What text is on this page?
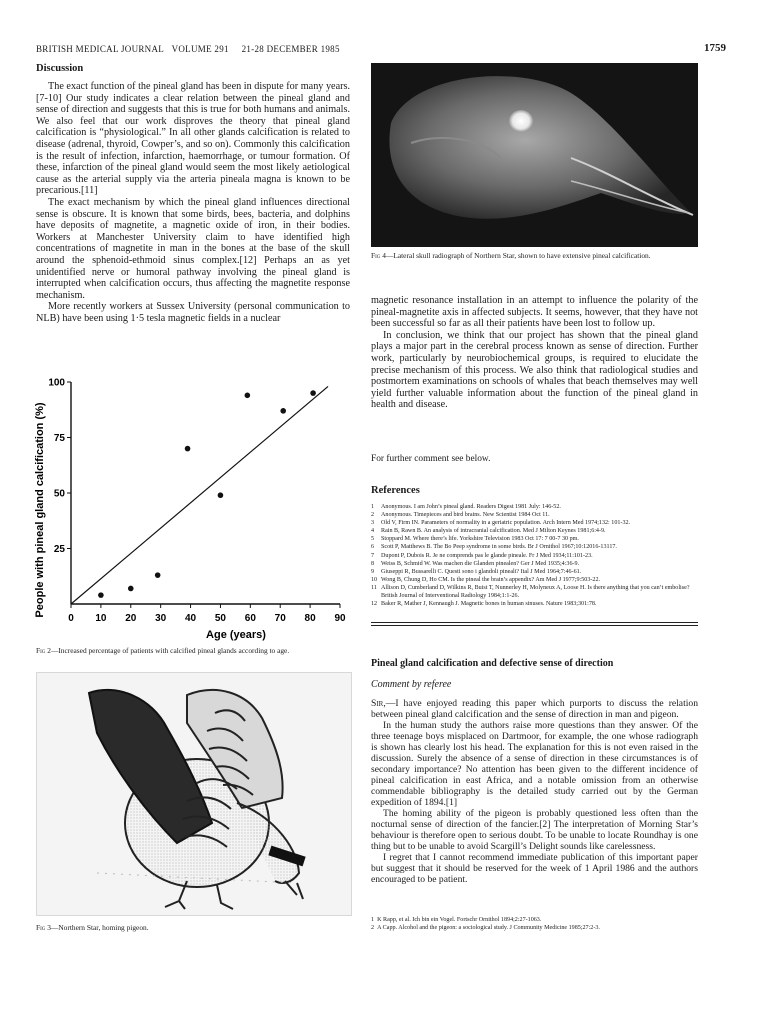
BRITISH MEDICAL JOURNAL VOLUME 291 21-28 DECEMBER 1985	1759
Discussion

The exact function of the pineal gland has been in dispute for many years.[7-10] Our study indicates a clear relation between the pineal gland and sense of direction and suggests that this is true for both humans and animals. We also feel that our work disproves the theory that pineal gland calcification is “physiological.” In all other glands calcification is related to disease (adrenal, thyroid, Cowper’s, and so on). Commonly this calcification is the result of infection, infarction, haemorrhage, or tumour formation. Of these, infarction of the pineal gland would seem the most likely aetiological cause as the arterial supply via the arteria pineala magna is known to be precarious.[11]

The exact mechanism by which the pineal gland influences directional sense is obscure. It is known that some birds, bees, bacteria, and dolphins have deposits of magnetite, a magnetic oxide of iron, in their bodies. Workers at Manchester University claim to have identified high concentrations of magnetite in man in the bones at the base of the skull around the sphenoid-ethmoid sinus complex.[12] Perhaps an as yet unidentified nerve or humoral pathway involving the pineal gland is interrupted when calcification occurs, thus affecting the magnetite response mechanism.

More recently workers at Sussex University (personal communication to NLB) have been using 1·5 tesla magnetic fields in a nuclear

0 10 20 30 40 50 60 70 80 90
25
50
75
100
Age (years)
People with pineal gland calcification (%)
Fig 2—Increased percentage of patients with calcified pineal glands according to age.
Fig 3—Northern Star, homing pigeon.
Fig 4—Lateral skull radiograph of Northern Star, shown to have extensive pineal calcification.

magnetic resonance installation in an attempt to influence the polarity of the pineal-magnetite axis in affected subjects. It seems, however, that they have not been successful so far as all their patients have been lost to follow up.

In conclusion, we think that our project has shown that the pineal gland plays a major part in the cerebral process known as sense of direction. Further work, particularly by neurobiochemical groups, is required to elucidate the precise mechanism of this process. We also think that radiological studies and postmortem examinations on schools of whales that beach themselves may well yield further valuable information about the function of the pineal gland in health and disease.

For further comment see below.
References
1 Anonymous. I am John’s pineal gland. Readers Digest 1981 July: 146-52.
2 Anonymous. Timepieces and bird brains. New Scientist 1984 Oct 11.
3 Old V, Firm IN. Parameters of normality in a geriatric population. Arch Intern Med 1974;132: 101-32.
4 Rain B, Rawn B. An analysis of intracranial calcification. Med J Milton Keynes 1981;6:4-9.
5 Stoppard M. Where there’s life. Yorkshire Television 1983 Oct 17: 7 00-7 30 pm.
6 Scott P, Matthews B. The Bo Peep syndrome in some birds. Br J Ornithol 1967;10:12016-13117.
7 Dupont P, Dubois R. Je ne comprends pas le glande pineale. Fr J Med 1934;11:101-23.
8 Weiss B, Schmid W. Was machen die Glanden pinealen? Ger J Med 1935;4:36-9.
9 Giuseppi R, Bussarelli C. Questi sono i glandoli pineali? Ital J Med 1964;7:46-61.
10 Wong B, Chung D, Ho CM. Is the pineal the brain’s appendix? Am Med J 1977;9:503-22.
11 Allison D, Cumberland D, Wilkins R, Buist T, Nunnerley H, Molyneux A, Loose H. Is there anything that you can’t embolise? British Journal of Interventional Radiology 1984;1:1-26.
12 Baker R, Mather J, Kennaugh J. Magnetic bones in human sinuses. Nature 1983;301:78.
Pineal gland calcification and defective sense of direction
Comment by referee

Sir,—I have enjoyed reading this paper which purports to discuss the relation between pineal gland calcification and the sense of direction in man and pigeon.

In the human study the authors raise more questions than they answer. Of the three teenage boys misplaced on Dartmoor, for example, the one whose radiograph is shown has clearly lost his head. The explanation for this is not even raised in the discussion. Surely the absence of a sense of direction in these circumstances is of secondary importance? No attention has been given to the different incidence of pineal calcification in east Africa, and a notable omission from an otherwise commendable bibliography is the detailed study carried out by the German expedition of 1894.[1]

The homing ability of the pigeon is probably questioned less often than the nocturnal sense of direction of the fancier.[2] The interpretation of Morning Star’s behaviour is therefore open to serious doubt. To be unable to locate Roundhay is one thing but to be unable to avoid Scargill’s Delight sounds like carelessness.

I regret that I cannot recommend immediate publication of this important paper but suggest that it should be reserved for the week of 1 April 1986 and the authors encouraged to be patient.

1 K Rapp, et al. Ich bin ein Vogel. Fortschr Ornithol 1894;2:27-1063.
2 A Capp. Alcohol and the pigeon: a sociological study. J Community Medicine 1985;27:2-3.
